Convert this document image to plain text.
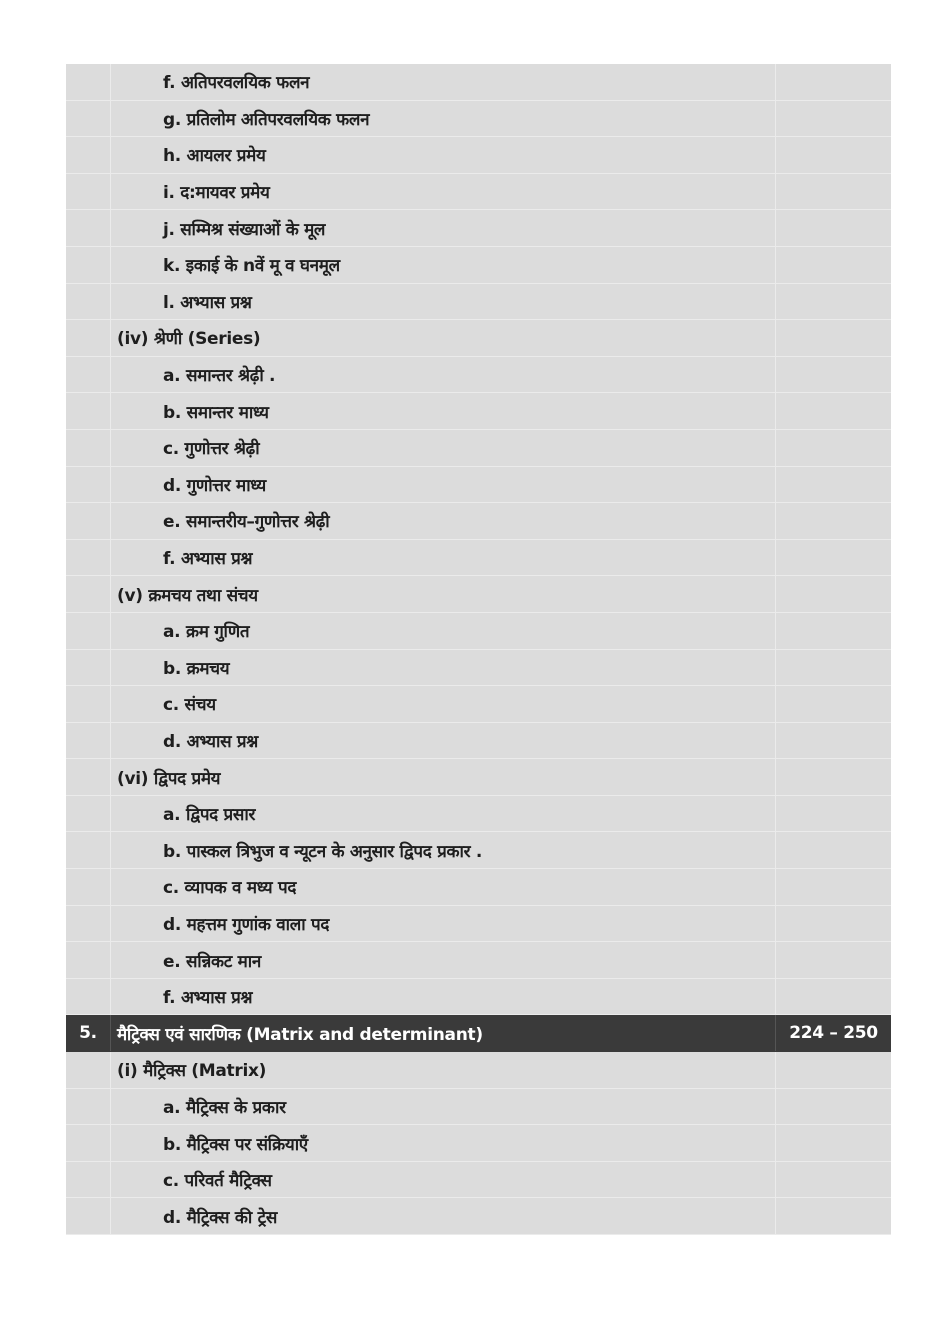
	f. अतिपरवलयिक फलन	
	g. प्रतिलोम अतिपरवलयिक फलन	
	h. आयलर प्रमेय	
	i. द:मायवर प्रमेय	
	j. सम्मिश्र संख्याओं के मूल	
	k. इकाई के nवें मू व घनमूल	
	l. अभ्यास प्रश्न	
	(iv) श्रेणी (Series)	
	a. समान्तर श्रेढ़ी .	
	b. समान्तर माध्य	
	c. गुणोत्तर श्रेढ़ी	
	d. गुणोत्तर माध्य	
	e. समान्तरीय–गुणोत्तर श्रेढ़ी	
	f. अभ्यास प्रश्न	
	(v) क्रमचय तथा संचय	
	a. क्रम गुणित	
	b. क्रमचय	
	c. संचय	
	d. अभ्यास प्रश्न	
	(vi) द्विपद प्रमेय	
	a. द्विपद प्रसार	
	b. पास्कल त्रिभुज व न्यूटन के अनुसार द्विपद प्रकार .	
	c. व्यापक व मध्य पद	
	d. महत्तम गुणांक वाला पद	
	e. सन्निकट मान	
	f. अभ्यास प्रश्न	
5.	मैट्रिक्स एवं सारणिक (Matrix and determinant)	224 – 250
	(i) मैट्रिक्स (Matrix)	
	a. मैट्रिक्स के प्रकार	
	b. मैट्रिक्स पर संक्रियाएँ	
	c. परिवर्त मैट्रिक्स	
	d. मैट्रिक्स की ट्रेस	
